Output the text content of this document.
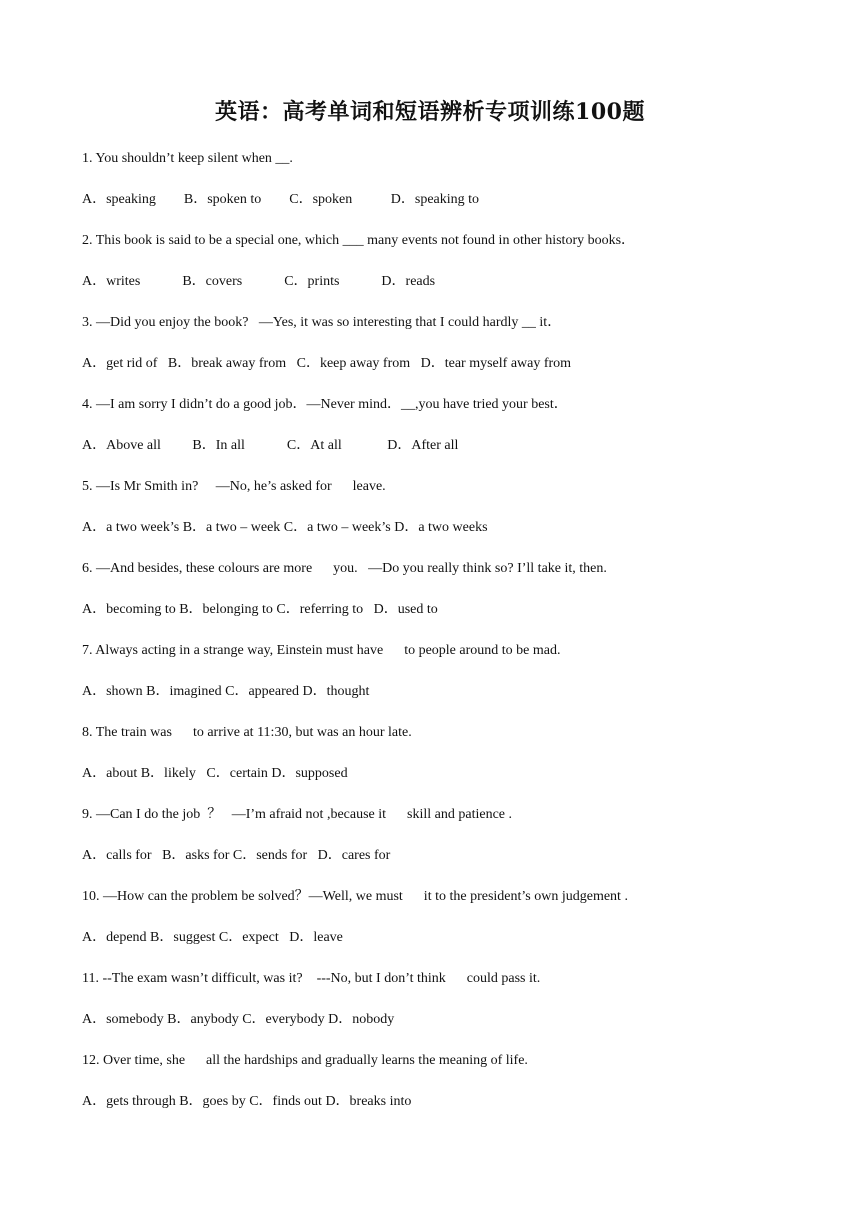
英语：高考单词和短语辨析专项训练100题
1. You shouldn’t keep silent when __.
A．speaking        B．spoken to        C．spoken           D．speaking to
2. This book is said to be a special one, which ___ many events not found in other history books．
A．writes            B．covers            C．prints            D．reads
3. —Did you enjoy the book?   —Yes, it was so interesting that I could hardly __ it．
A．get rid of   B．break away from   C．keep away from   D．tear myself away from
4. —I am sorry I didn’t do a good job．—Never mind．__,you have tried your best．
A．Above all         B．In all            C．At all             D．After all
5. —Is Mr Smith in?     —No, he’s asked for      leave.
A．a two week’s B．a two – week C．a two – week’s D．a two weeks
6. —And besides, these colours are more      you.   —Do you really think so? I’ll take it, then.
A．becoming to B．belonging to C．referring to   D．used to
7. Always acting in a strange way, Einstein must have      to people around to be mad.
A．shown B．imagined C．appeared D．thought
8. The train was      to arrive at 11:30, but was an hour late.
A．about B．likely   C．certain D．supposed
9. —Can I do the job  ？   —I’m afraid not ,because it      skill and patience .
A．calls for   B．asks for C．sends for   D．cares for
10. —How can the problem be solved？—Well, we must      it to the president’s own judgement .
A．depend B．suggest C．expect   D．leave
11. --The exam wasn’t difficult, was it?    ---No, but I don’t think      could pass it.
A．somebody B．anybody C．everybody D．nobody
12. Over time, she      all the hardships and gradually learns the meaning of life.
A．gets through B．goes by C．finds out D．breaks into
